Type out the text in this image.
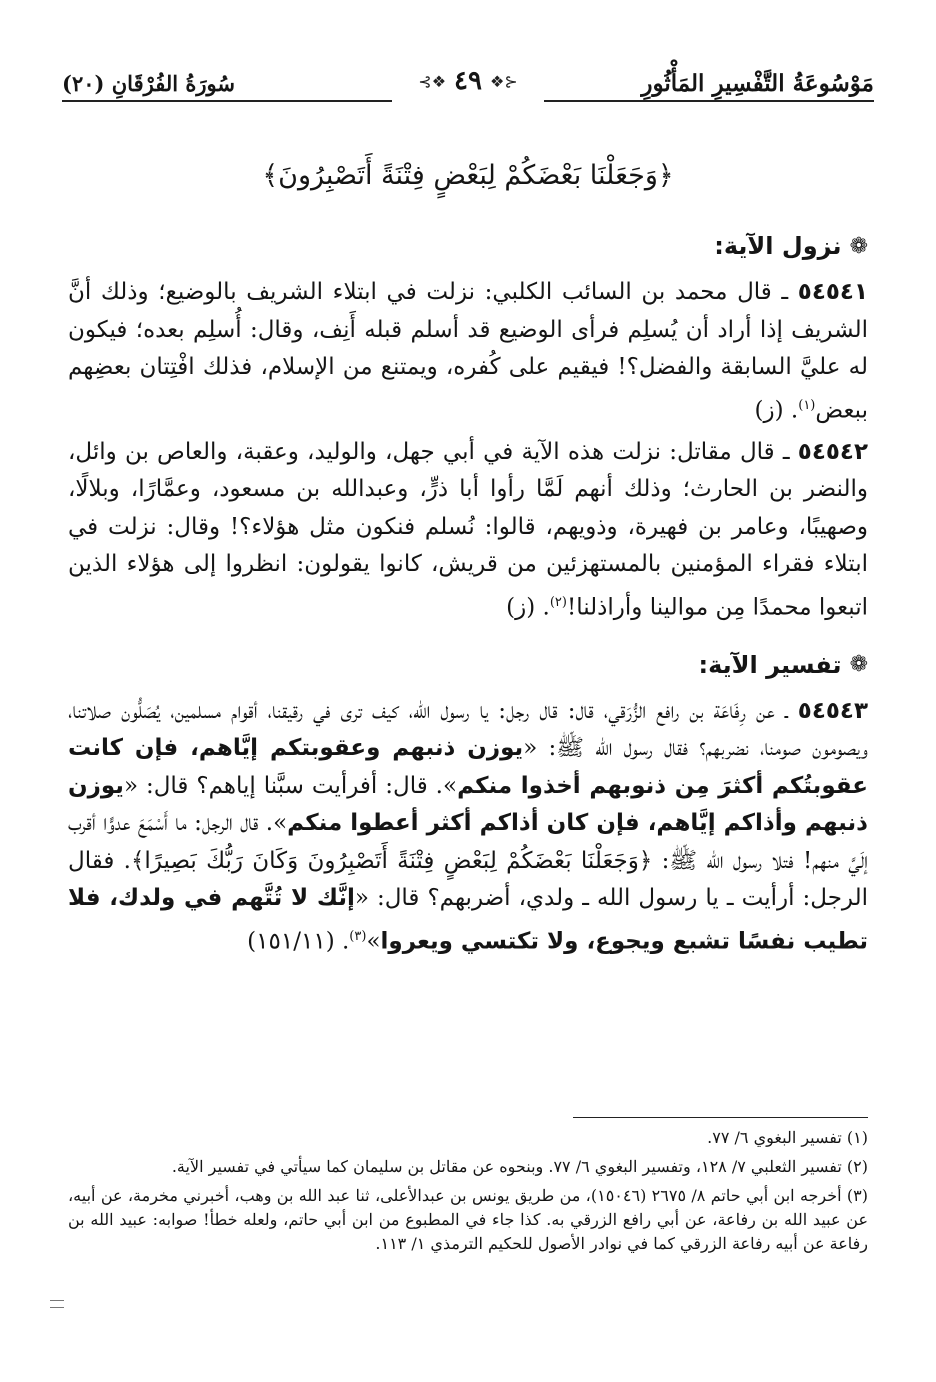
مَوْسُوعَةُ التَّفْسِيرِ المَأْثُورِ
⊰❖ ٤٩ ❖⊱
سُورَةُ الفُرْقَانِ (٢٠)
﴿وَجَعَلْنَا بَعْضَكُمْ لِبَعْضٍ فِتْنَةً أَتَصْبِرُونَ﴾
❁
نزول الآية:

٥٤٥٤١ ـ قال محمد بن السائب الكلبي: نزلت في ابتلاء الشريف بالوضيع؛ وذلك أنَّ الشريف إذا أراد أن يُسلِم فرأى الوضيع قد أسلم قبله أَنِف، وقال: أُسلِم بعده؛ فيكون له عليَّ السابقة والفضل؟! فيقيم على كُفره، ويمتنع من الإسلام، فذلك افْتِتان بعضِهم ببعض$^{(١)}$. (ز)

٥٤٥٤٢ ـ قال مقاتل: نزلت هذه الآية في أبي جهل، والوليد، وعقبة، والعاص بن وائل، والنضر بن الحارث؛ وذلك أنهم لَمَّا رأوا أبا ذرٍّ، وعبدالله بن مسعود، وعمَّارًا، وبلالًا، وصهيبًا، وعامر بن فهيرة، وذويهم، قالوا: نُسلم فنكون مثل هؤلاء؟! وقال: نزلت في ابتلاء فقراء المؤمنين بالمستهزئين من قريش، كانوا يقولون: انظروا إلى هؤلاء الذين اتبعوا محمدًا مِن موالينا وأراذلنا!$^{(٢)}$. (ز)

❁
تفسير الآية:

٥٤٥٤٣ ـ عن رِفَاعَة بن رافع الزُّرَقي، قال: قال رجل: يا رسول الله، كيف ترى في رقيقنا، أقوام مسلمين، يُصَلُّون صلاتنا، ويصومون صومنا، نضربهم؟ فقال رسول الله ﷺ: «يوزن ذنبهم وعقوبتكم إيَّاهم، فإن كانت عقوبتُكم أكثرَ مِن ذنوبهم أخذوا منكم». قال: أفرأيت سبَّنا إياهم؟ قال: «يوزن ذنبهم وأذاكم إيَّاهم، فإن كان أذاكم أكثر أعطوا منكم». قال الرجل: ما أَسْمَعَ عدوًّا أقرب إلَيَّ منهم! فتلا رسول الله ﷺ: ﴿وَجَعَلْنَا بَعْضَكُمْ لِبَعْضٍ فِتْنَةً أَتَصْبِرُونَ وَكَانَ رَبُّكَ بَصِيرًا﴾. فقال الرجل: أرأيت ـ يا رسول الله ـ ولدي، أضربهم؟ قال: «إنَّك لا تُتَّهم في ولدك، فلا تطيب نفسًا تشبع ويجوع، ولا تكتسي ويعروا»$^{(٣)}$. (١٥١/١١)

(١) تفسير البغوي ٦/ ٧٧.

(٢) تفسير الثعلبي ٧/ ١٢٨، وتفسير البغوي ٦/ ٧٧. وبنحوه عن مقاتل بن سليمان كما سيأتي في تفسير الآية.

(٣) أخرجه ابن أبي حاتم ٨/ ٢٦٧٥ (١٥٠٤٦)، من طريق يونس بن عبدالأعلى، ثنا عبد الله بن وهب، أخبرني مخرمة، عن أبيه، عن عبيد الله بن رفاعة، عن أبي رافع الزرقي به. كذا جاء في المطبوع من ابن أبي حاتم، ولعله خطأ! صوابه: عبيد الله بن رفاعة عن أبيه رفاعة الزرقي كما في نوادر الأصول للحكيم الترمذي ١/ ١١٣.
